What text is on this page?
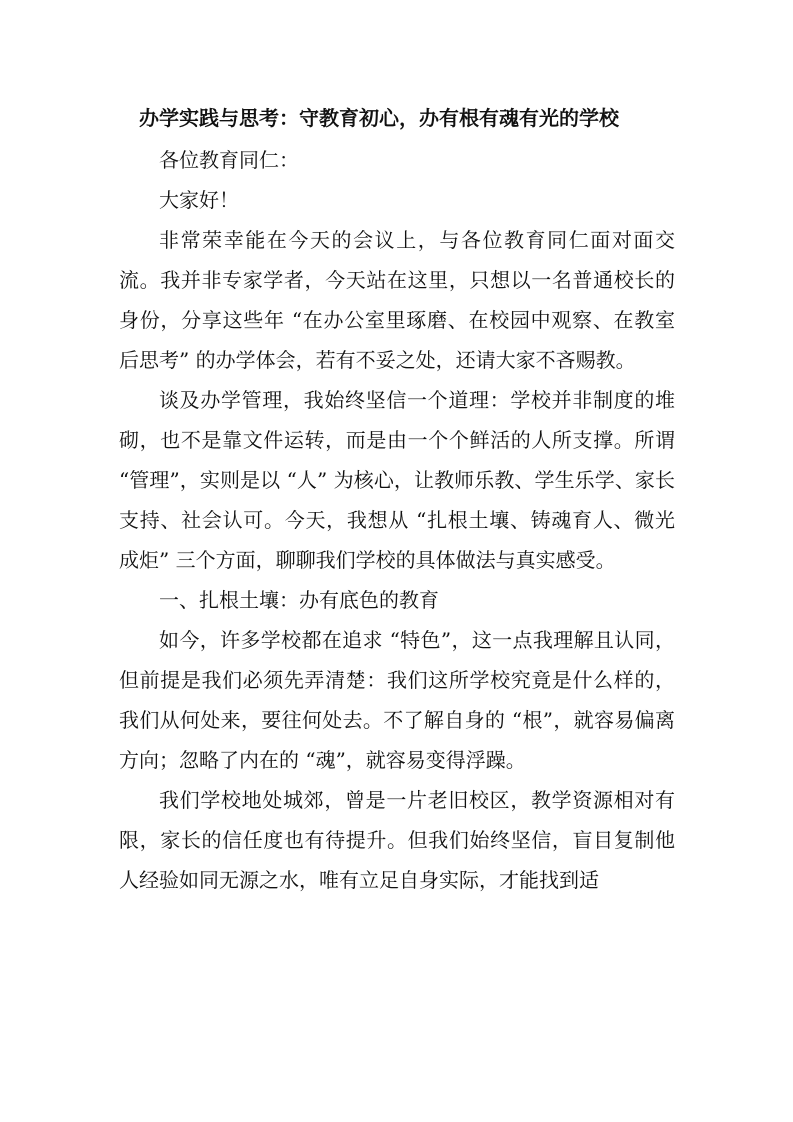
办学实践与思考：守教育初心，办有根有魂有光的学校

各位教育同仁：

大家好！

非常荣幸能在今天的会议上，与各位教育同仁面对面交流。我并非专家学者，今天站在这里，只想以一名普通校长的身份，分享这些年 “在办公室里琢磨、在校园中观察、在教室后思考” 的办学体会，若有不妥之处，还请大家不吝赐教。

谈及办学管理，我始终坚信一个道理：学校并非制度的堆砌，也不是靠文件运转，而是由一个个鲜活的人所支撑。所谓 “管理”，实则是以 “人” 为核心，让教师乐教、学生乐学、家长支持、社会认可。今天，我想从 “扎根土壤、铸魂育人、微光成炬” 三个方面，聊聊我们学校的具体做法与真实感受。

一、扎根土壤：办有底色的教育

如今，许多学校都在追求 “特色”，这一点我理解且认同，但前提是我们必须先弄清楚：我们这所学校究竟是什么样的，我们从何处来，要往何处去。不了解自身的 “根”，就容易偏离方向；忽略了内在的 “魂”，就容易变得浮躁。

我们学校地处城郊，曾是一片老旧校区，教学资源相对有限，家长的信任度也有待提升。但我们始终坚信，盲目复制他人经验如同无源之水，唯有立足自身实际，才能找到适
